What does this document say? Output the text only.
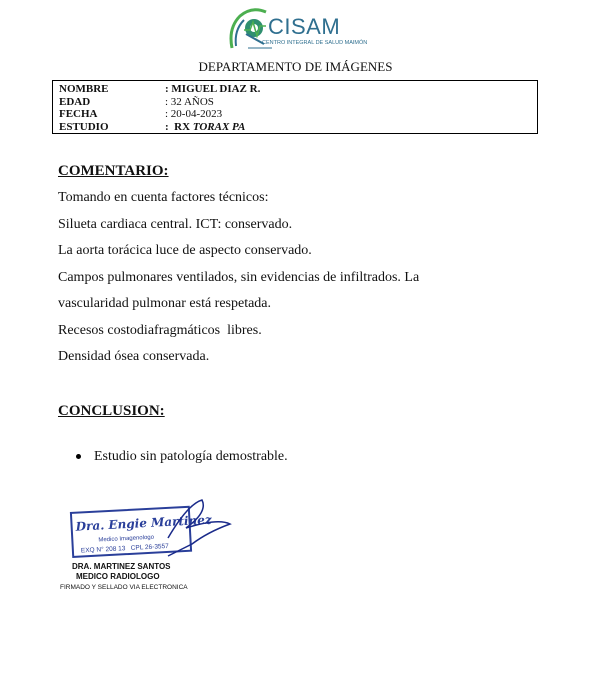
CISAM
CENTRO INTEGRAL DE SALUD MAIMÓN
DEPARTAMENTO DE IMÁGENES
NOMBRE	: MIGUEL DIAZ R.
EDAD	: 32 AÑOS
FECHA	: 20-04-2023
ESTUDIO	:  RX TORAX PA
COMENTARIO:
Tomando en cuenta factores técnicos:
Silueta cardiaca central. ICT: conservado.
La aorta torácica luce de aspecto conservado.
Campos pulmonares ventilados, sin evidencias de infiltrados. La
vascularidad pulmonar está respetada.
Recesos costodiafragmáticos  libres.
Densidad ósea conservada.
CONCLUSION:
Estudio sin patología demostrable.
Dra. Engie Martinez
Medico Imagenologo
EXQ N° 208 13   CPL 26-3557
DRA. MARTINEZ SANTOS
MEDICO RADIOLOGO
FIRMADO Y SELLADO VIA ELECTRONICA
